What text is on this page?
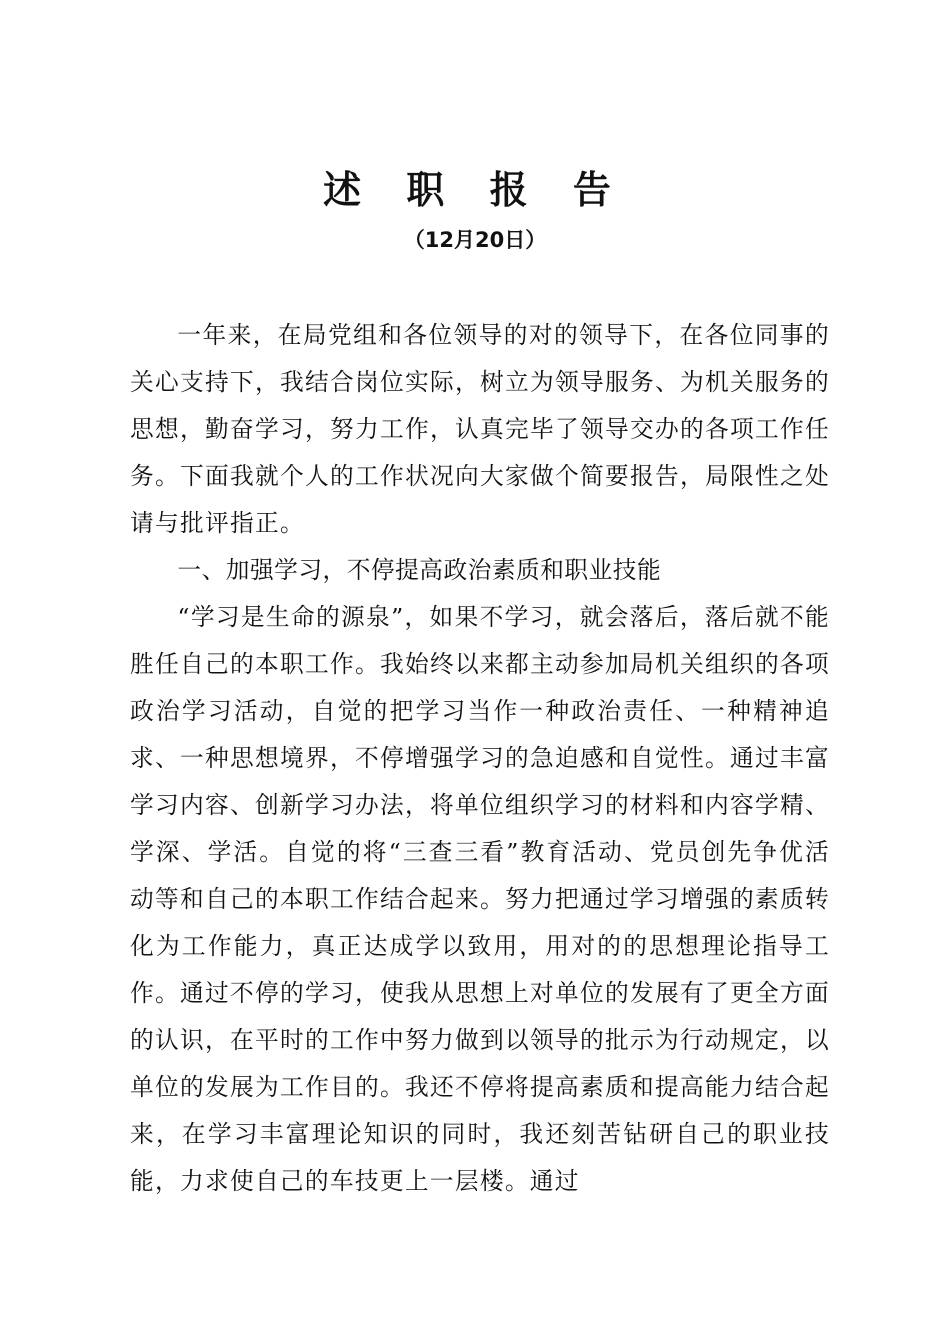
述 职 报 告
（12月20日）

一年来，在局党组和各位领导的对的领导下，在各位同事的关心支持下，我结合岗位实际，树立为领导服务、为机关服务的思想，勤奋学习，努力工作，认真完毕了领导交办的各项工作任务。下面我就个人的工作状况向大家做个简要报告，局限性之处请与批评指正。

一、加强学习，不停提高政治素质和职业技能

“学习是生命的源泉”，如果不学习，就会落后，落后就不能胜任自己的本职工作。我始终以来都主动参加局机关组织的各项政治学习活动，自觉的把学习当作一种政治责任、一种精神追求、一种思想境界，不停增强学习的急迫感和自觉性。通过丰富学习内容、创新学习办法，将单位组织学习的材料和内容学精、学深、学活。自觉的将“三查三看”教育活动、党员创先争优活动等和自己的本职工作结合起来。努力把通过学习增强的素质转化为工作能力，真正达成学以致用，用对的的思想理论指导工作。通过不停的学习，使我从思想上对单位的发展有了更全方面的认识，在平时的工作中努力做到以领导的批示为行动规定，以单位的发展为工作目的。我还不停将提高素质和提高能力结合起来，在学习丰富理论知识的同时，我还刻苦钻研自己的职业技能，力求使自己的车技更上一层楼。通过
